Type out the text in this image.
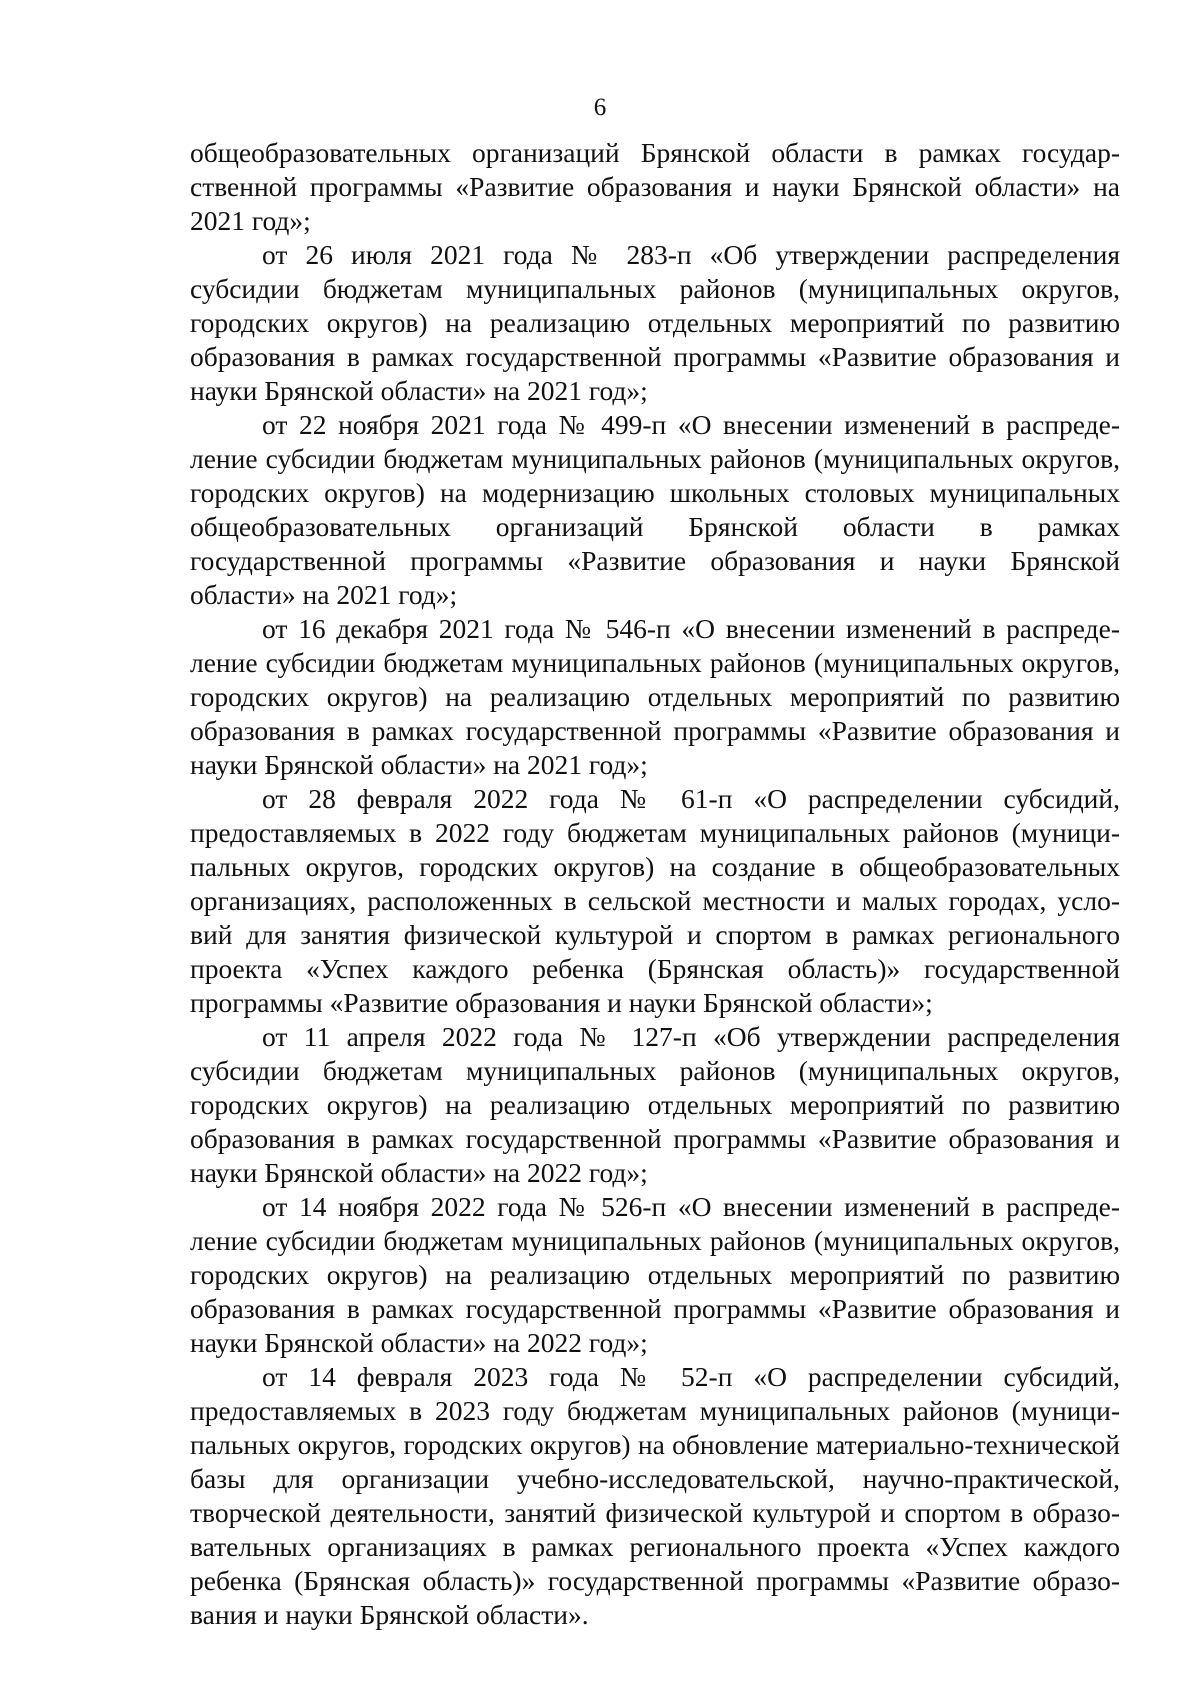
6

общеобразовательных организаций Брянской области в рамках государственной программы «Развитие образования и науки Брянской области» на 2021 год»;

от 26 июля 2021 года № 283-п «Об утверждении распределения субсидии бюджетам муниципальных районов (муниципальных округов, городских округов) на реализацию отдельных мероприятий по развитию образования в рамках государственной программы «Развитие образования и науки Брянской области» на 2021 год»;

от 22 ноября 2021 года № 499-п «О внесении изменений в распределение субсидии бюджетам муниципальных районов (муниципальных округов, городских округов) на модернизацию школьных столовых муниципальных общеобразовательных организаций Брянской области в рамках государственной программы «Развитие образования и науки Брянской области» на 2021 год»;

от 16 декабря 2021 года № 546-п «О внесении изменений в распределение субсидии бюджетам муниципальных районов (муниципальных округов, городских округов) на реализацию отдельных мероприятий по развитию образования в рамках государственной программы «Развитие образования и науки Брянской области» на 2021 год»;

от 28 февраля 2022 года № 61-п «О распределении субсидий, предоставляемых в 2022 году бюджетам муниципальных районов (муниципальных округов, городских округов) на создание в общеобразовательных организациях, расположенных в сельской местности и малых городах, условий для занятия физической культурой и спортом в рамках регионального проекта «Успех каждого ребенка (Брянская область)» государственной программы «Развитие образования и науки Брянской области»;

от 11 апреля 2022 года № 127-п «Об утверждении распределения субсидии бюджетам муниципальных районов (муниципальных округов, городских округов) на реализацию отдельных мероприятий по развитию образования в рамках государственной программы «Развитие образования и науки Брянской области» на 2022 год»;

от 14 ноября 2022 года № 526-п «О внесении изменений в распределение субсидии бюджетам муниципальных районов (муниципальных округов, городских округов) на реализацию отдельных мероприятий по развитию образования в рамках государственной программы «Развитие образования и науки Брянской области» на 2022 год»;

от 14 февраля 2023 года № 52-п «О распределении субсидий, предоставляемых в 2023 году бюджетам муниципальных районов (муниципальных округов, городских округов) на обновление материально-технической базы для организации учебно-исследовательской, научно-практической, творческой деятельности, занятий физической культурой и спортом в образовательных организациях в рамках регионального проекта «Успех каждого ребенка (Брянская область)» государственной программы «Развитие образования и науки Брянской области».
